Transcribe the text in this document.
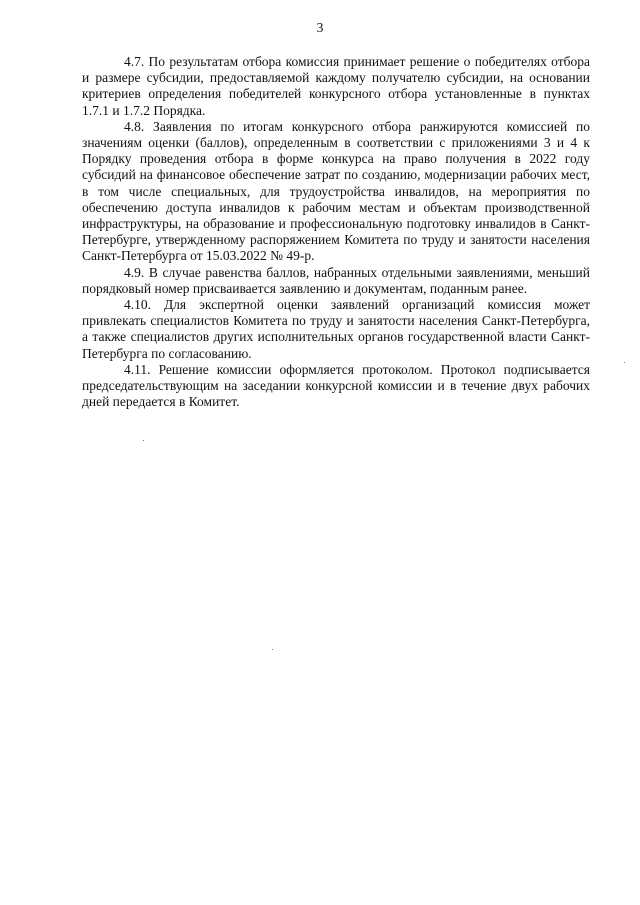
3

4.7. По результатам отбора комиссия принимает решение о победителях отбора и размере субсидии, предоставляемой каждому получателю субсидии, на основании критериев определения победителей конкурсного отбора установленные в пунктах 1.7.1 и 1.7.2 Порядка.

4.8. Заявления по итогам конкурсного отбора ранжируются комиссией по значениям оценки (баллов), определенным в соответствии с приложениями 3 и 4 к Порядку проведения отбора в форме конкурса на право получения в 2022 году субсидий на финансовое обеспечение затрат по созданию, модернизации рабочих мест, в том числе специальных, для трудоустройства инвалидов, на мероприятия по обеспечению доступа инвалидов к рабочим местам и объектам производственной инфраструктуры, на образование и профессиональную подготовку инвалидов в Санкт-Петербурге, утвержденному распоряжением Комитета по труду и занятости населения Санкт-Петербурга от 15.03.2022 № 49-р.

4.9. В случае равенства баллов, набранных отдельными заявлениями, меньший порядковый номер присваивается заявлению и документам, поданным ранее.

4.10. Для экспертной оценки заявлений организаций комиссия может привлекать специалистов Комитета по труду и занятости населения Санкт-Петербурга, а также специалистов других исполнительных органов государственной власти Санкт-Петербурга по согласованию.

4.11. Решение комиссии оформляется протоколом. Протокол подписывается председательствующим на заседании конкурсной комиссии и в течение двух рабочих дней передается в Комитет.
